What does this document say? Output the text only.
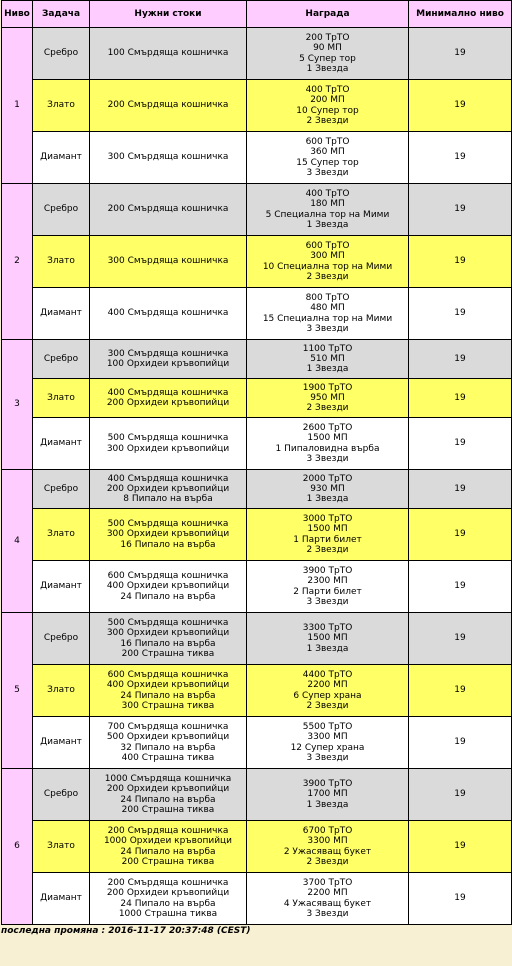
Ниво	Задача	Нужни стоки	Награда	Минимално ниво
1	Сребро	100 Смърдяща кошничка	200 ТрТО
90 МП
5 Супер тор
1 Звезда	19
	Злато	200 Смърдяща кошничка	400 ТрТО
200 МП
10 Супер тор
2 Звезди	19
	Диамант	300 Смърдяща кошничка	600 ТрТО
360 МП
15 Супер тор
3 Звезди	19
2	Сребро	200 Смърдяща кошничка	400 ТрТО
180 МП
5 Специална тор на Мими
1 Звезда	19
	Злато	300 Смърдяща кошничка	600 ТрТО
300 МП
10 Специална тор на Мими
2 Звезди	19
	Диамант	400 Смърдяща кошничка	800 ТрТО
480 МП
15 Специална тор на Мими
3 Звезди	19
3	Сребро	300 Смърдяща кошничка
100 Орхидеи кръвопийци	1100 ТрТО
510 МП
1 Звезда	19
	Злато	400 Смърдяща кошничка
200 Орхидеи кръвопийци	1900 ТрТО
950 МП
2 Звезди	19
	Диамант	500 Смърдяща кошничка
300 Орхидеи кръвопийци	2600 ТрТО
1500 МП
1 Пипаловидна върба
3 Звезди	19
4	Сребро	400 Смърдяща кошничка
200 Орхидеи кръвопийци
8 Пипало на върба	2000 ТрТО
930 МП
1 Звезда	19
	Злато	500 Смърдяща кошничка
300 Орхидеи кръвопийци
16 Пипало на върба	3000 ТрТО
1500 МП
1 Парти билет
2 Звезди	19
	Диамант	600 Смърдяща кошничка
400 Орхидеи кръвопийци
24 Пипало на върба	3900 ТрТО
2300 МП
2 Парти билет
3 Звезди	19
5	Сребро	500 Смърдяща кошничка
300 Орхидеи кръвопийци
16 Пипало на върба
200 Страшна тиква	3300 ТрТО
1500 МП
1 Звезда	19
	Злато	600 Смърдяща кошничка
400 Орхидеи кръвопийци
24 Пипало на върба
300 Страшна тиква	4400 ТрТО
2200 МП
6 Супер храна
2 Звезди	19
	Диамант	700 Смърдяща кошничка
500 Орхидеи кръвопийци
32 Пипало на върба
400 Страшна тиква	5500 ТрТО
3300 МП
12 Супер храна
3 Звезди	19
6	Сребро	1000 Смърдяща кошничка
200 Орхидеи кръвопийци
24 Пипало на върба
200 Страшна тиква	3900 ТрТО
1700 МП
1 Звезда	19
	Злато	200 Смърдяща кошничка
1000 Орхидеи кръвопийци
24 Пипало на върба
200 Страшна тиква	6700 ТрТО
3300 МП
2 Ужасяващ букет
2 Звезди	19
	Диамант	200 Смърдяща кошничка
200 Орхидеи кръвопийци
24 Пипало на върба
1000 Страшна тиква	3700 ТрТО
2200 МП
4 Ужасяващ букет
3 Звезди	19
последна промяна : 2016-11-17 20:37:48 (CEST)
